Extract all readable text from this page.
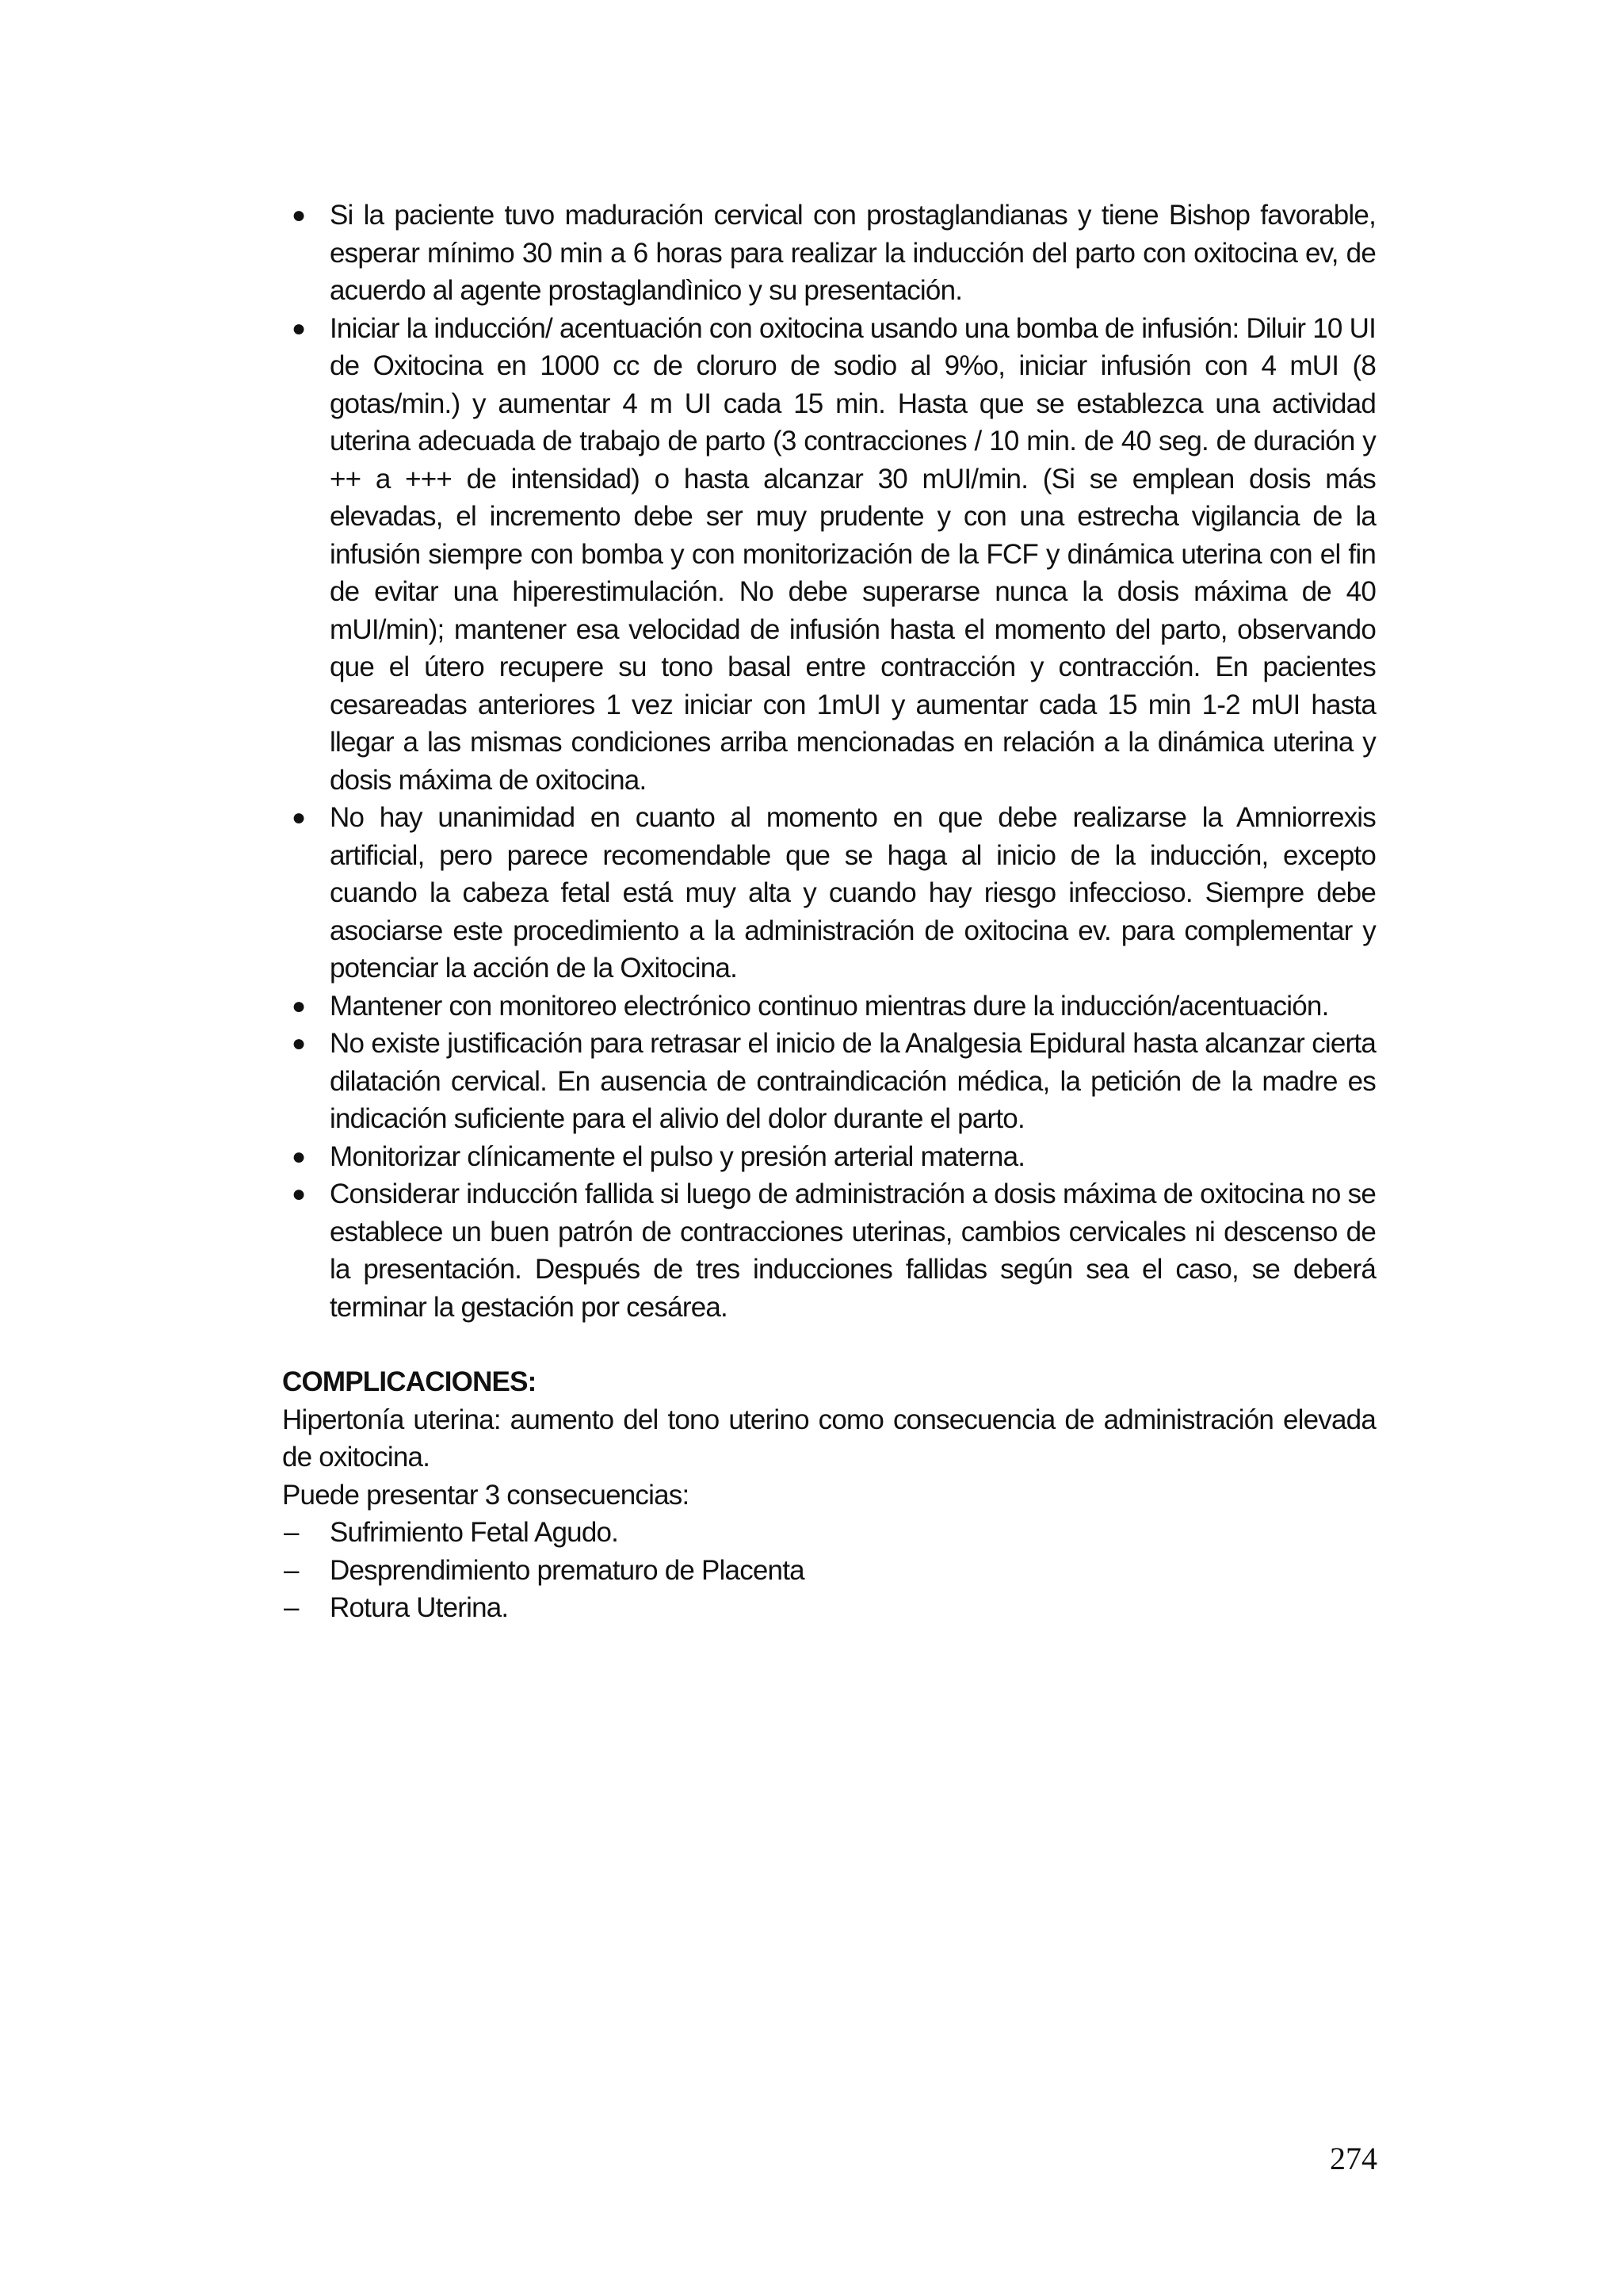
● Si la paciente tuvo maduración cervical con prostaglandianas y tiene Bishop favorable, esperar mínimo 30 min a 6 horas para realizar la inducción del parto con oxitocina ev, de acuerdo al agente prostaglandìnico y su presentación.
● Iniciar la inducción/ acentuación con oxitocina usando una bomba de infusión: Diluir 10 UI de Oxitocina en 1000 cc de cloruro de sodio al 9%o, iniciar infusión con 4 mUI (8 gotas/min.) y aumentar 4 m UI cada 15 min. Hasta que se establezca una actividad uterina adecuada de trabajo de parto (3 contracciones / 10 min. de 40 seg. de duración y ++ a +++ de intensidad) o hasta alcanzar 30 mUI/min. (Si se emplean dosis más elevadas, el incremento debe ser muy prudente y con una estrecha vigilancia de la infusión siempre con bomba y con monitorización de la FCF y dinámica uterina con el fin de evitar una hiperestimulación. No debe superarse nunca la dosis máxima de 40 mUI/min); mantener esa velocidad de infusión hasta el momento del parto, observando que el útero recupere su tono basal entre contracción y contracción. En pacientes cesareadas anteriores 1 vez iniciar con 1mUI y aumentar cada 15 min 1-2 mUI hasta llegar a las mismas condiciones arriba mencionadas en relación a la dinámica uterina y dosis máxima de oxitocina.
● No hay unanimidad en cuanto al momento en que debe realizarse la Amniorrexis artificial, pero parece recomendable que se haga al inicio de la inducción, excepto cuando la cabeza fetal está muy alta y cuando hay riesgo infeccioso. Siempre debe asociarse este procedimiento a la administración de oxitocina ev. para complementar y potenciar la acción de la Oxitocina.
● Mantener con monitoreo electrónico continuo mientras dure la inducción/acentuación.
● No existe justificación para retrasar el inicio de la Analgesia Epidural hasta alcanzar cierta dilatación cervical. En ausencia de contraindicación médica, la petición de la madre es indicación suficiente para el alivio del dolor durante el parto.
● Monitorizar clínicamente el pulso y presión arterial materna.
● Considerar inducción fallida si luego de administración a dosis máxima de oxitocina no se establece un buen patrón de contracciones uterinas, cambios cervicales ni descenso de la presentación. Después de tres inducciones fallidas según sea el caso, se deberá terminar la gestación por cesárea.
COMPLICACIONES:

Hipertonía uterina: aumento del tono uterino como consecuencia de administración elevada de oxitocina.

Puede presentar 3 consecuencias:

– Sufrimiento Fetal Agudo.
– Desprendimiento prematuro de Placenta
– Rotura Uterina.
274
